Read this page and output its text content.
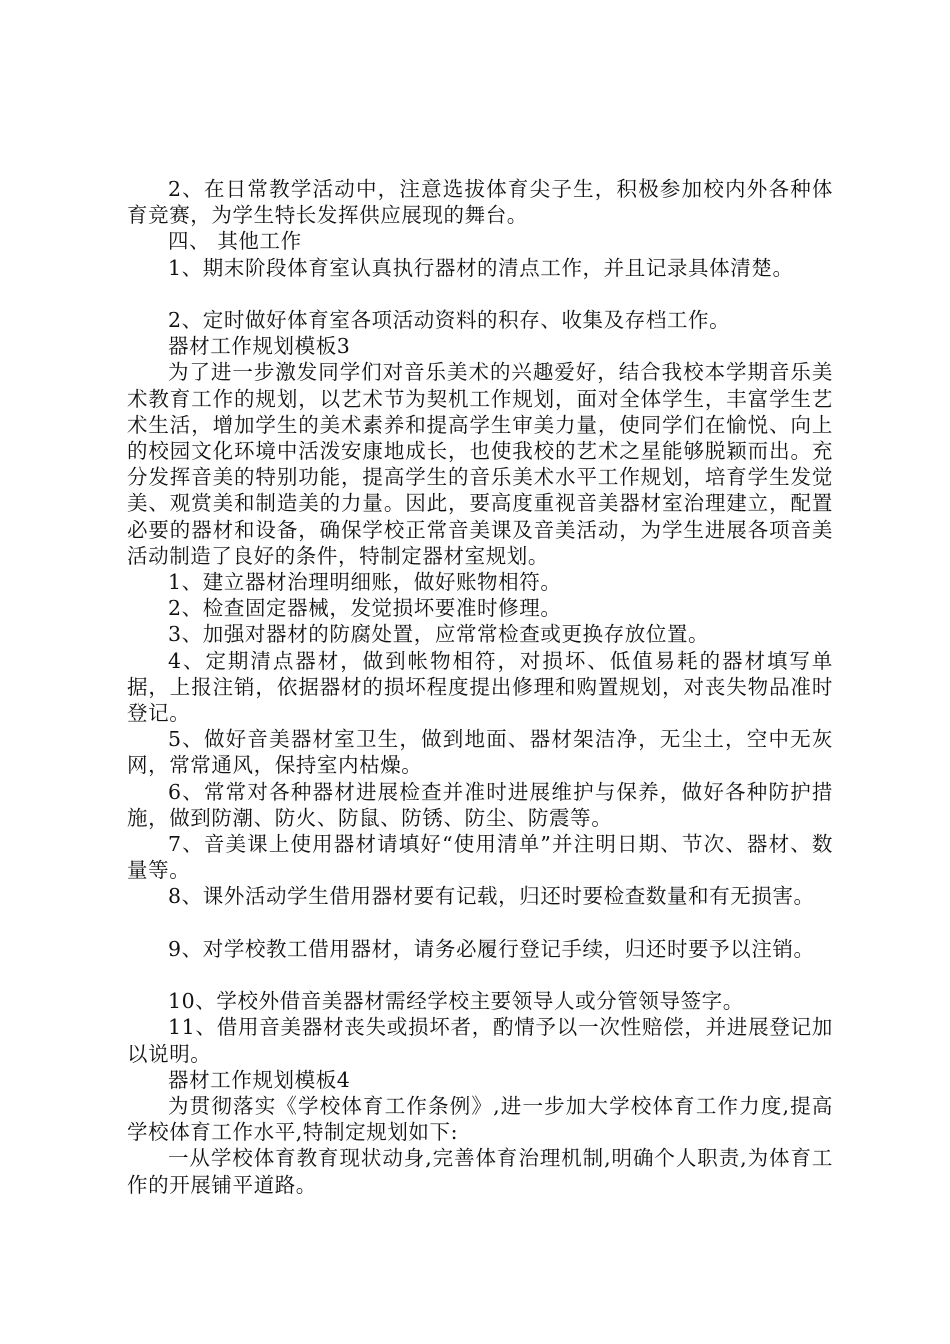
2、在日常教学活动中，注意选拔体育尖子生，积极参加校内外各种体育竞赛，为学生特长发挥供应展现的舞台。

四、 其他工作

1、期末阶段体育室认真执行器材的清点工作，并且记录具体清楚。

2、定时做好体育室各项活动资料的积存、收集及存档工作。

器材工作规划模板3

为了进一步激发同学们对音乐美术的兴趣爱好，结合我校本学期音乐美术教育工作的规划，以艺术节为契机工作规划，面对全体学生，丰富学生艺术生活，增加学生的美术素养和提高学生审美力量，使同学们在愉悦、向上的校园文化环境中活泼安康地成长，也使我校的艺术之星能够脱颖而出。充分发挥音美的特别功能，提高学生的音乐美术水平工作规划，培育学生发觉美、观赏美和制造美的力量。因此，要高度重视音美器材室治理建立，配置必要的器材和设备，确保学校正常音美课及音美活动，为学生进展各项音美活动制造了良好的条件，特制定器材室规划。

1、建立器材治理明细账，做好账物相符。

2、检查固定器械，发觉损坏要准时修理。

3、加强对器材的防腐处置，应常常检查或更换存放位置。

4、定期清点器材，做到帐物相符，对损坏、低值易耗的器材填写单据，上报注销，依据器材的损坏程度提出修理和购置规划，对丧失物品准时登记。

5、做好音美器材室卫生，做到地面、器材架洁净，无尘土，空中无灰网，常常通风，保持室内枯燥。

6、常常对各种器材进展检查并准时进展维护与保养，做好各种防护措施，做到防潮、防火、防鼠、防锈、防尘、防震等。

7、音美课上使用器材请填好“使用清单”并注明日期、节次、器材、数量等。

8、课外活动学生借用器材要有记载，归还时要检查数量和有无损害。

9、对学校教工借用器材，请务必履行登记手续，归还时要予以注销。

10、学校外借音美器材需经学校主要领导人或分管领导签字。

11、借用音美器材丧失或损坏者，酌情予以一次性赔偿，并进展登记加以说明。

器材工作规划模板4

为贯彻落实《学校体育工作条例》,进一步加大学校体育工作力度,提高学校体育工作水平,特制定规划如下:

一从学校体育教育现状动身,完善体育治理机制,明确个人职责,为体育工作的开展铺平道路。
